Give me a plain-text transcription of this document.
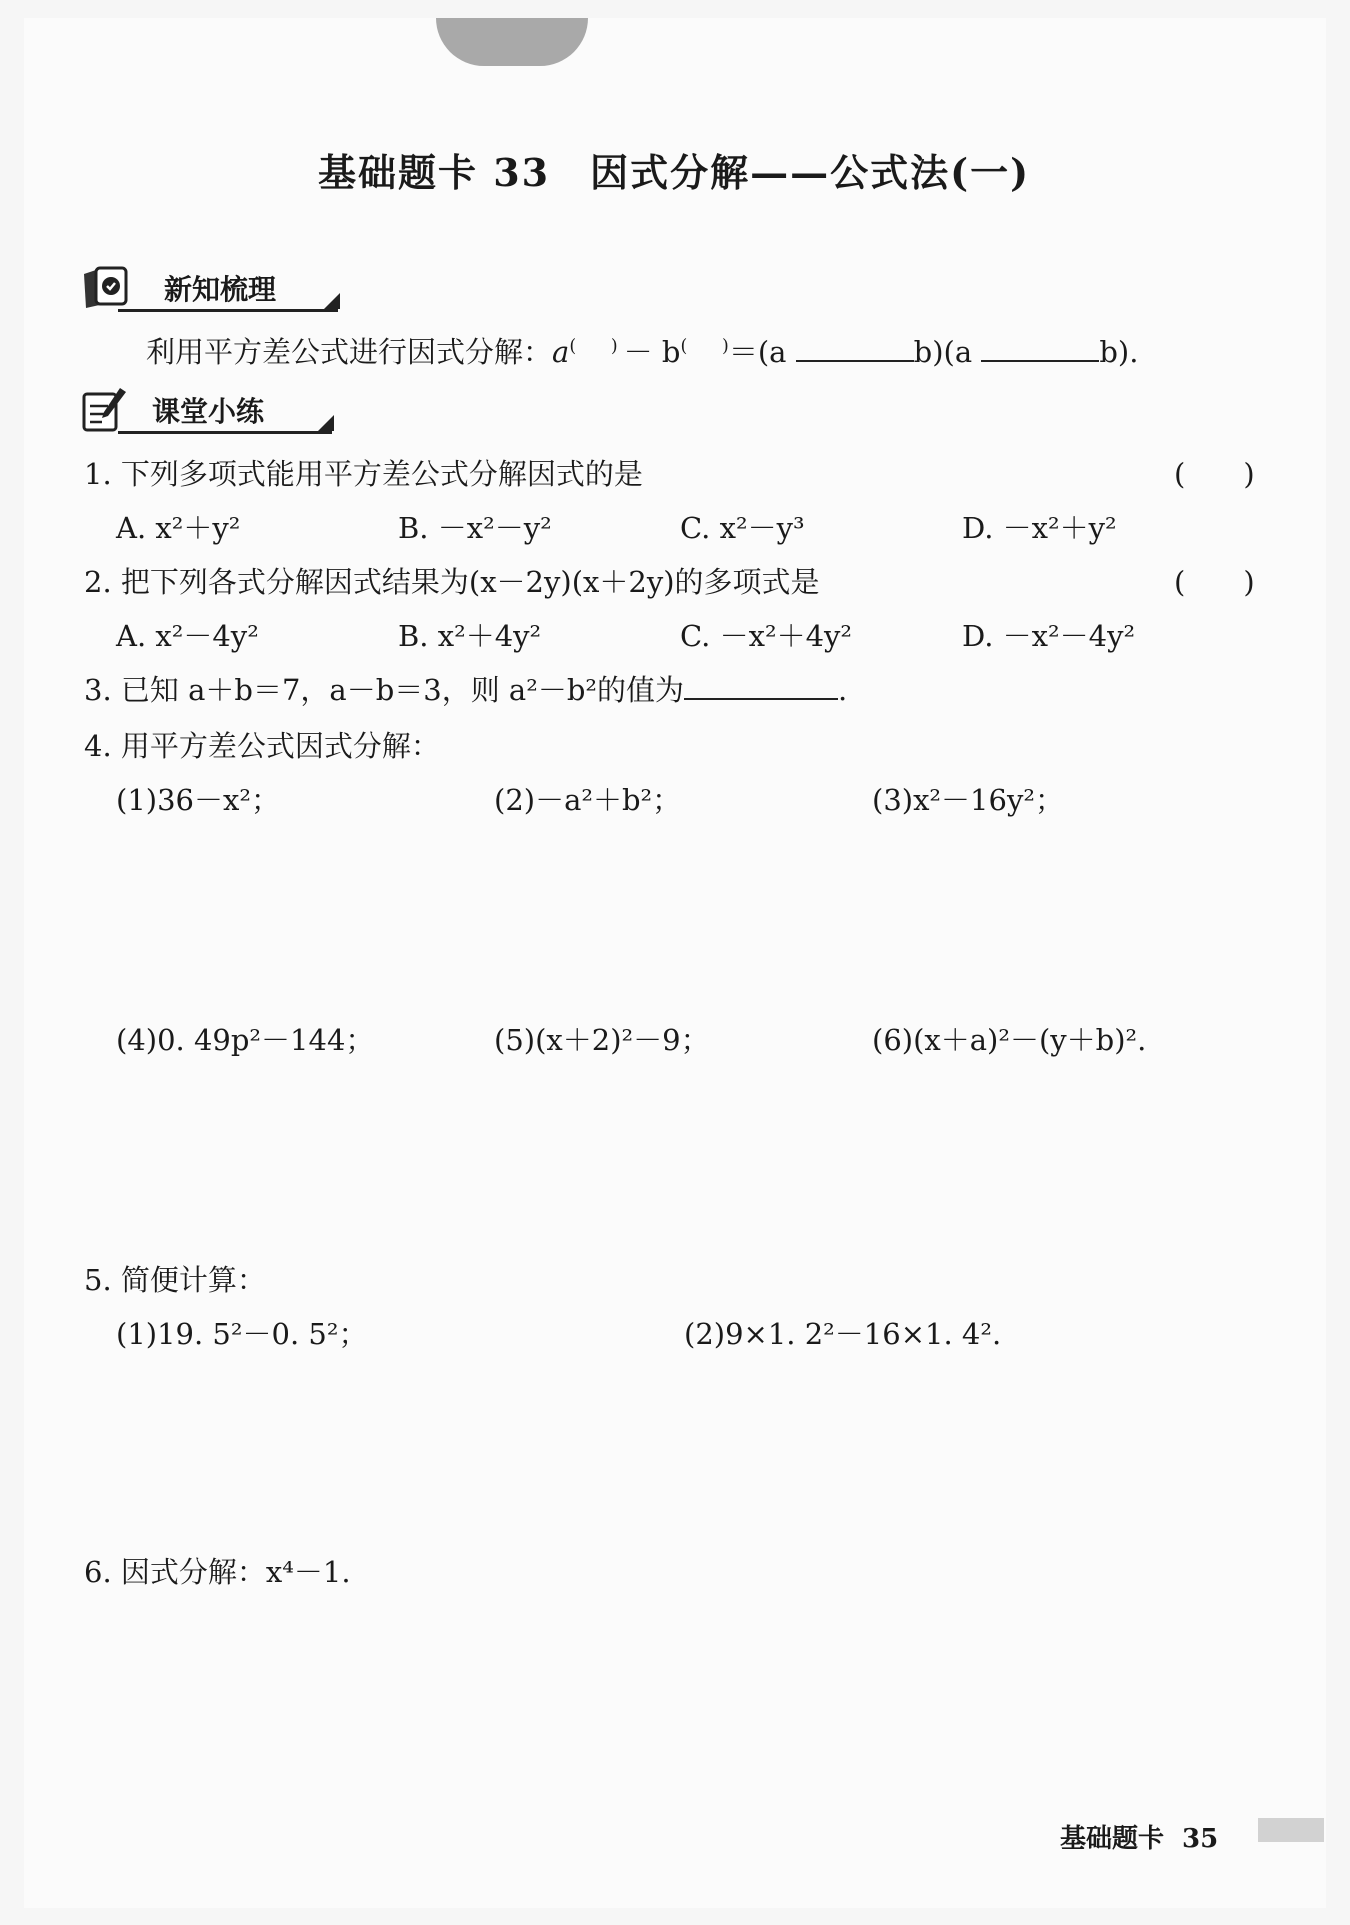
基础题卡 33　因式分解——公式法(一)
新知梳理
利用平方差公式进行因式分解：a(　　) － b(　　)＝(a	b)(a	b).
课堂小练
1. 下列多项式能用平方差公式分解因式的是	(　　)
A. x²＋y²	B. －x²－y²	C. x²－y³	D. －x²＋y²
2. 把下列各式分解因式结果为(x－2y)(x＋2y)的多项式是	(　　)
A. x²－4y²	B. x²＋4y²	C. －x²＋4y²	D. －x²－4y²
3. 已知 a＋b＝7，a－b＝3，则 a²－b²的值为	.
4. 用平方差公式因式分解：
(1)36－x²；	(2)－a²＋b²；	(3)x²－16y²；
(4)0. 49p²－144；	(5)(x＋2)²－9；	(6)(x＋a)²－(y＋b)².
5. 简便计算：
(1)19. 5²－0. 5²；	(2)9×1. 2²－16×1. 4².
6. 因式分解：x⁴－1.
基础题卡 35
